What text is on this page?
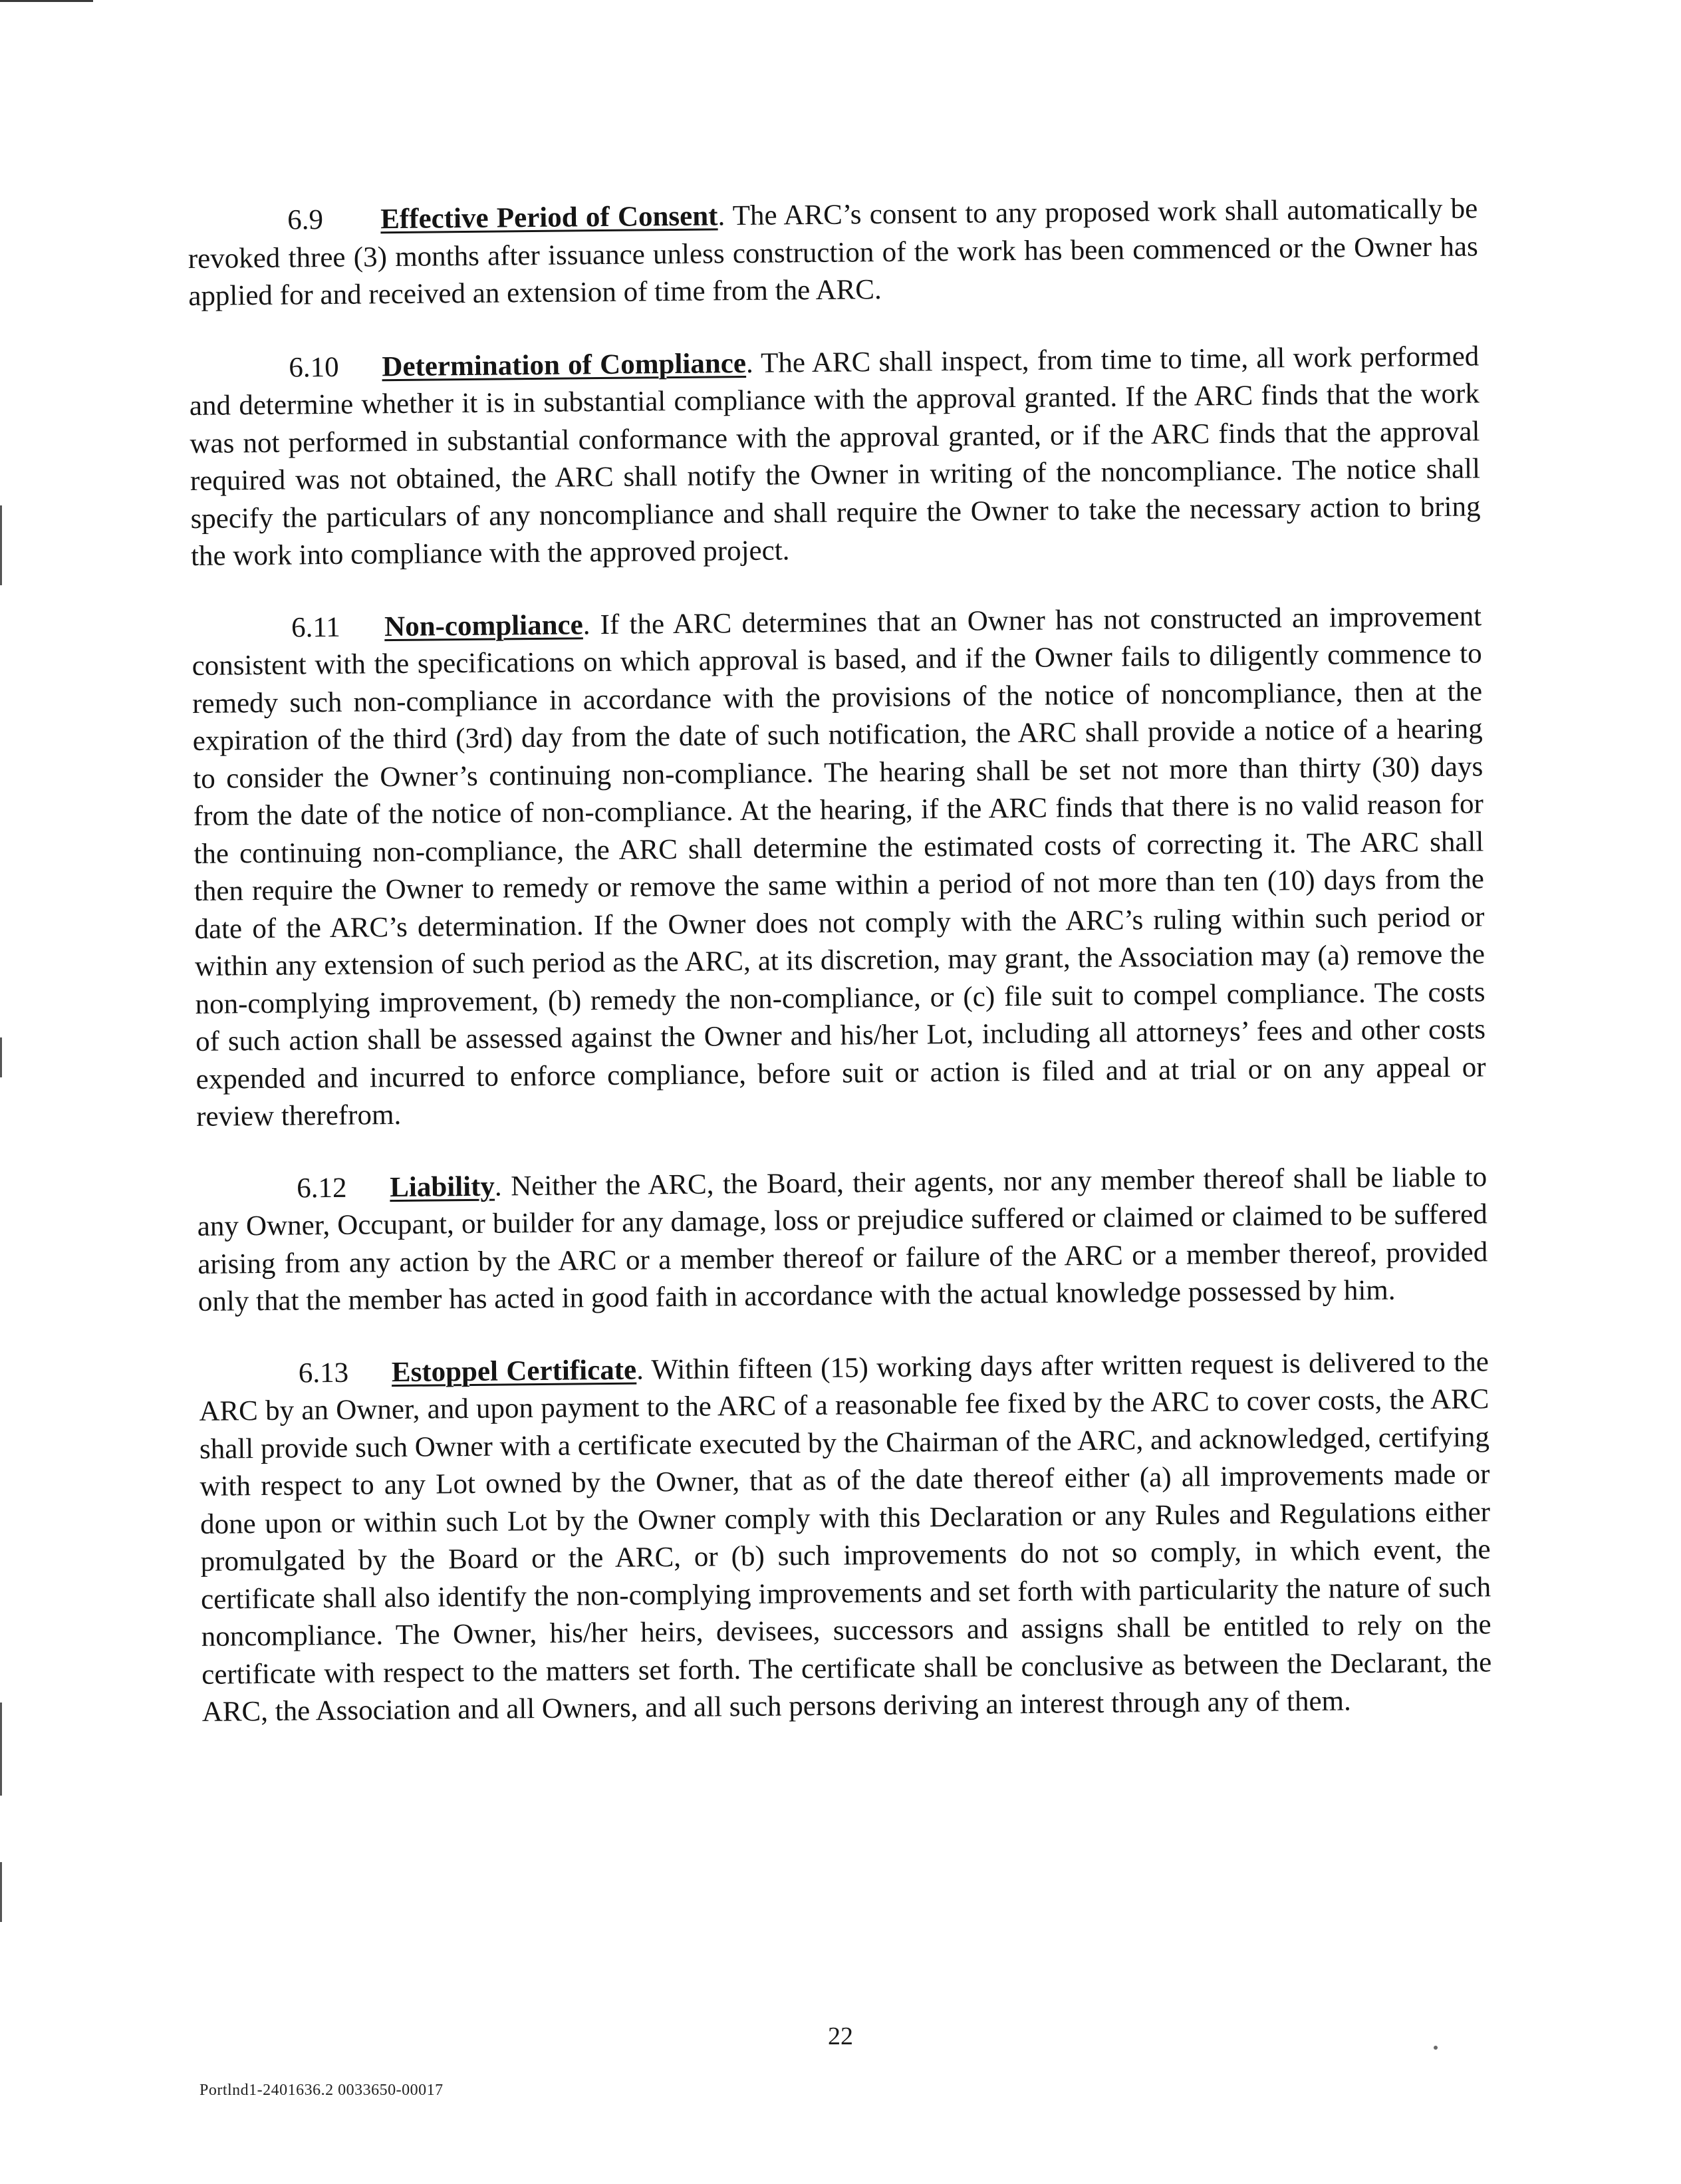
6.9 Effective Period of Consent. The ARC’s consent to any proposed work shall automatically be revoked three (3) months after issuance unless construction of the work has been commenced or the Owner has applied for and received an extension of time from the ARC.

6.10 Determination of Compliance. The ARC shall inspect, from time to time, all work performed and determine whether it is in substantial compliance with the approval granted. If the ARC finds that the work was not performed in substantial conformance with the approval granted, or if the ARC finds that the approval required was not obtained, the ARC shall notify the Owner in writing of the noncompliance. The notice shall specify the particulars of any noncompliance and shall require the Owner to take the necessary action to bring the work into compliance with the approved project.

6.11 Non-compliance. If the ARC determines that an Owner has not constructed an improvement consistent with the specifications on which approval is based, and if the Owner fails to diligently commence to remedy such non-compliance in accordance with the provisions of the notice of noncompliance, then at the expiration of the third (3rd) day from the date of such notification, the ARC shall provide a notice of a hearing to consider the Owner’s continuing non-compliance. The hearing shall be set not more than thirty (30) days from the date of the notice of non-compliance. At the hearing, if the ARC finds that there is no valid reason for the continuing non-compliance, the ARC shall determine the estimated costs of correcting it. The ARC shall then require the Owner to remedy or remove the same within a period of not more than ten (10) days from the date of the ARC’s determination. If the Owner does not comply with the ARC’s ruling within such period or within any extension of such period as the ARC, at its discretion, may grant, the Association may (a) remove the non-complying improvement, (b) remedy the non-compliance, or (c) file suit to compel compliance. The costs of such action shall be assessed against the Owner and his/her Lot, including all attorneys’ fees and other costs expended and incurred to enforce compliance, before suit or action is filed and at trial or on any appeal or review therefrom.

6.12 Liability. Neither the ARC, the Board, their agents, nor any member thereof shall be liable to any Owner, Occupant, or builder for any damage, loss or prejudice suffered or claimed or claimed to be suffered arising from any action by the ARC or a member thereof or failure of the ARC or a member thereof, provided only that the member has acted in good faith in accordance with the actual knowledge possessed by him.

6.13 Estoppel Certificate. Within fifteen (15) working days after written request is delivered to the ARC by an Owner, and upon payment to the ARC of a reasonable fee fixed by the ARC to cover costs, the ARC shall provide such Owner with a certificate executed by the Chairman of the ARC, and acknowledged, certifying with respect to any Lot owned by the Owner, that as of the date thereof either (a) all improvements made or done upon or within such Lot by the Owner comply with this Declaration or any Rules and Regulations either promulgated by the Board or the ARC, or (b) such improvements do not so comply, in which event, the certificate shall also identify the non-complying improvements and set forth with particularity the nature of such noncompliance. The Owner, his/her heirs, devisees, successors and assigns shall be entitled to rely on the certificate with respect to the matters set forth. The certificate shall be conclusive as between the Declarant, the ARC, the Association and all Owners, and all such persons deriving an interest through any of them.

22
Portlnd1-2401636.2 0033650-00017
